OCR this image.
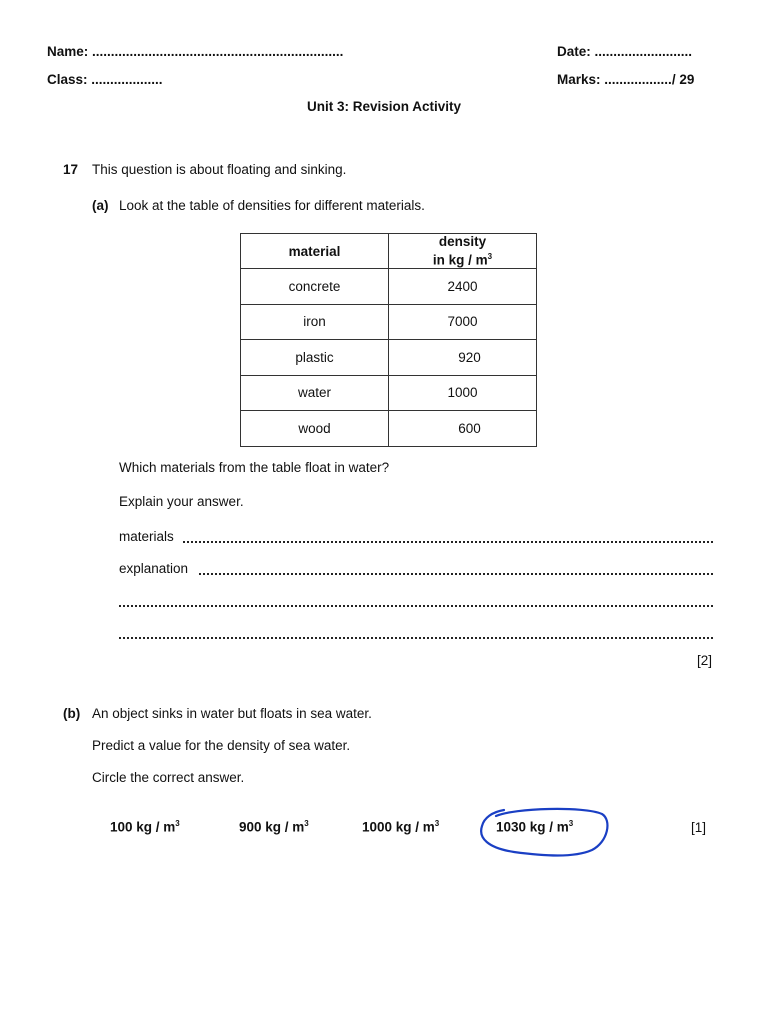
Name: ...................................................................	Date: ..........................
Class: ...................	Marks: ................../ 29
Unit 3: Revision Activity
17 This question is about floating and sinking.
(a) Look at the table of densities for different materials.
material	density
in kg / $m^3$
concrete	2400
iron	7000
plastic	920
water	1000
wood	600
Which materials from the table float in water?
Explain your answer.
materials
explanation
[2]
(b) An object sinks in water but floats in sea water.
Predict a value for the density of sea water.
Circle the correct answer.
100 kg / $m^3$	900 kg / $m^3$	1000 kg / $m^3$	1030 kg / $m^3$	[1]
